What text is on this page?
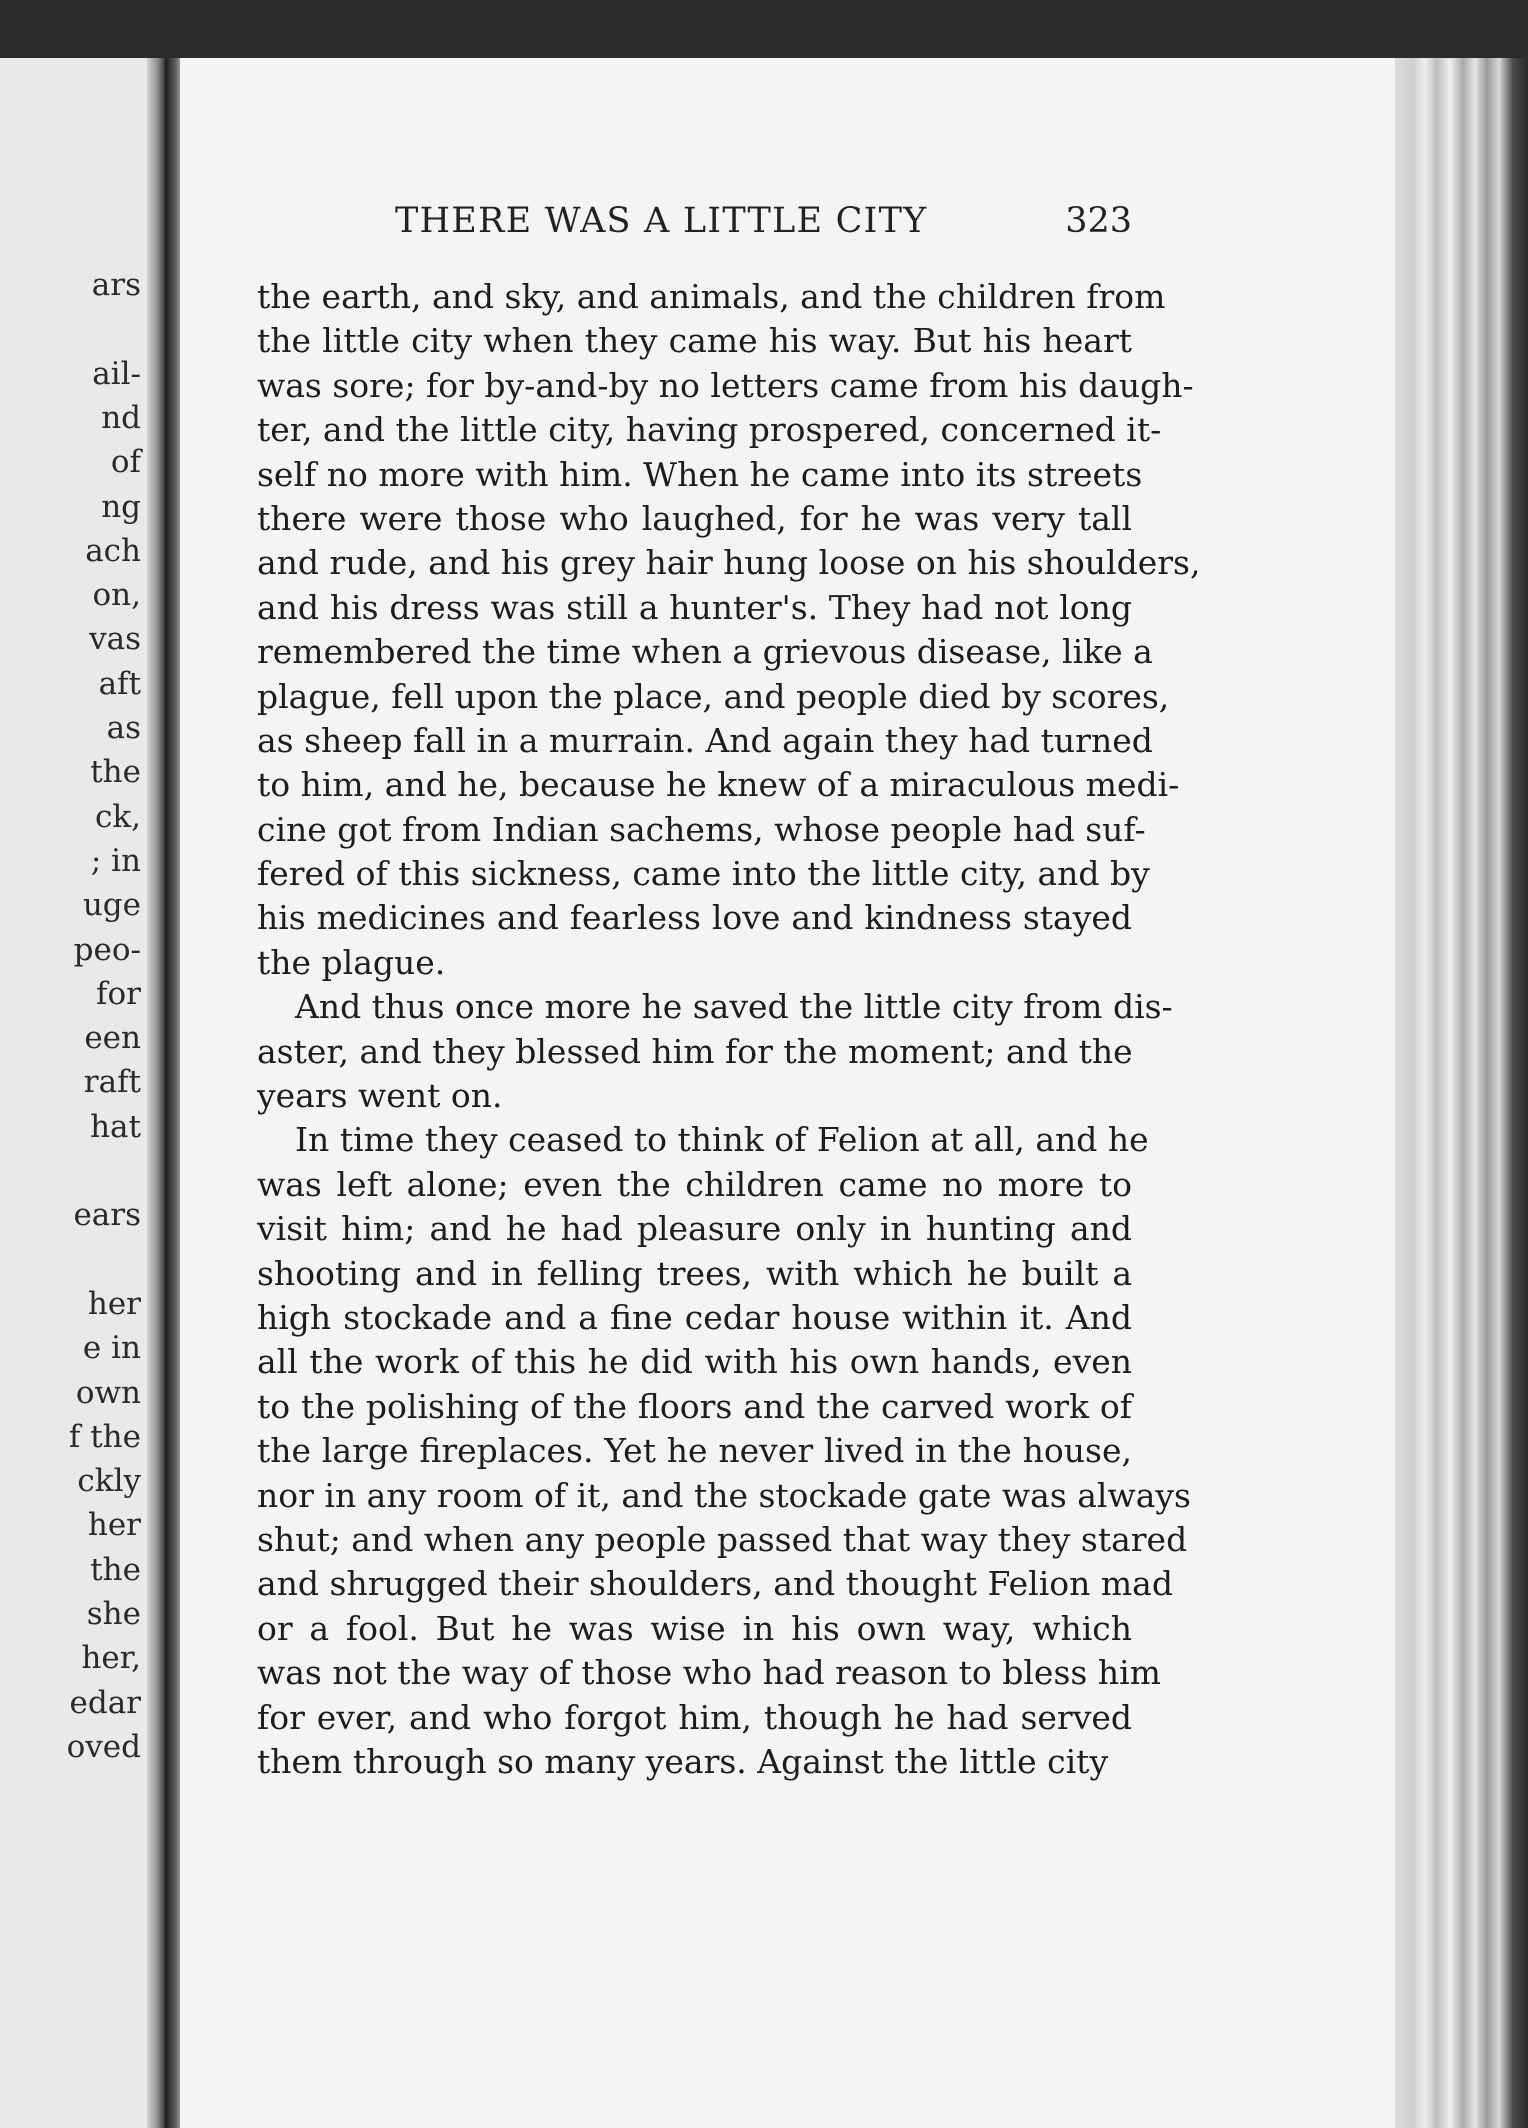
ars

ail-

nd

of

ng

ach

on,

vas

aft

as

the

ck,

; in

uge

peo-

for

een

raft

hat

ears

her

e in

own

f the

ckly

her

the

she

her,

edar

oved

THERE WAS A LITTLE CITY	323
the earth, and sky, and animals, and the children from
the little city when they came his way. But his heart
was sore; for by-and-by no letters came from his daugh-
ter, and the little city, having prospered, concerned it-
self no more with him. When he came into its streets
there were those who laughed, for he was very tall
and rude, and his grey hair hung loose on his shoulders,
and his dress was still a hunter's. They had not long
remembered the time when a grievous disease, like a
plague, fell upon the place, and people died by scores,
as sheep fall in a murrain. And again they had turned
to him, and he, because he knew of a miraculous medi-
cine got from Indian sachems, whose people had suf-
fered of this sickness, came into the little city, and by
his medicines and fearless love and kindness stayed
the plague.
And thus once more he saved the little city from dis-
aster, and they blessed him for the moment; and the
years went on.
In time they ceased to think of Felion at all, and he
was left alone; even the children came no more to
visit him; and he had pleasure only in hunting and
shooting and in felling trees, with which he built a
high stockade and a fine cedar house within it. And
all the work of this he did with his own hands, even
to the polishing of the floors and the carved work of
the large fireplaces. Yet he never lived in the house,
nor in any room of it, and the stockade gate was always
shut; and when any people passed that way they stared
and shrugged their shoulders, and thought Felion mad
or a fool. But he was wise in his own way, which
was not the way of those who had reason to bless him
for ever, and who forgot him, though he had served
them through so many years. Against the little city
